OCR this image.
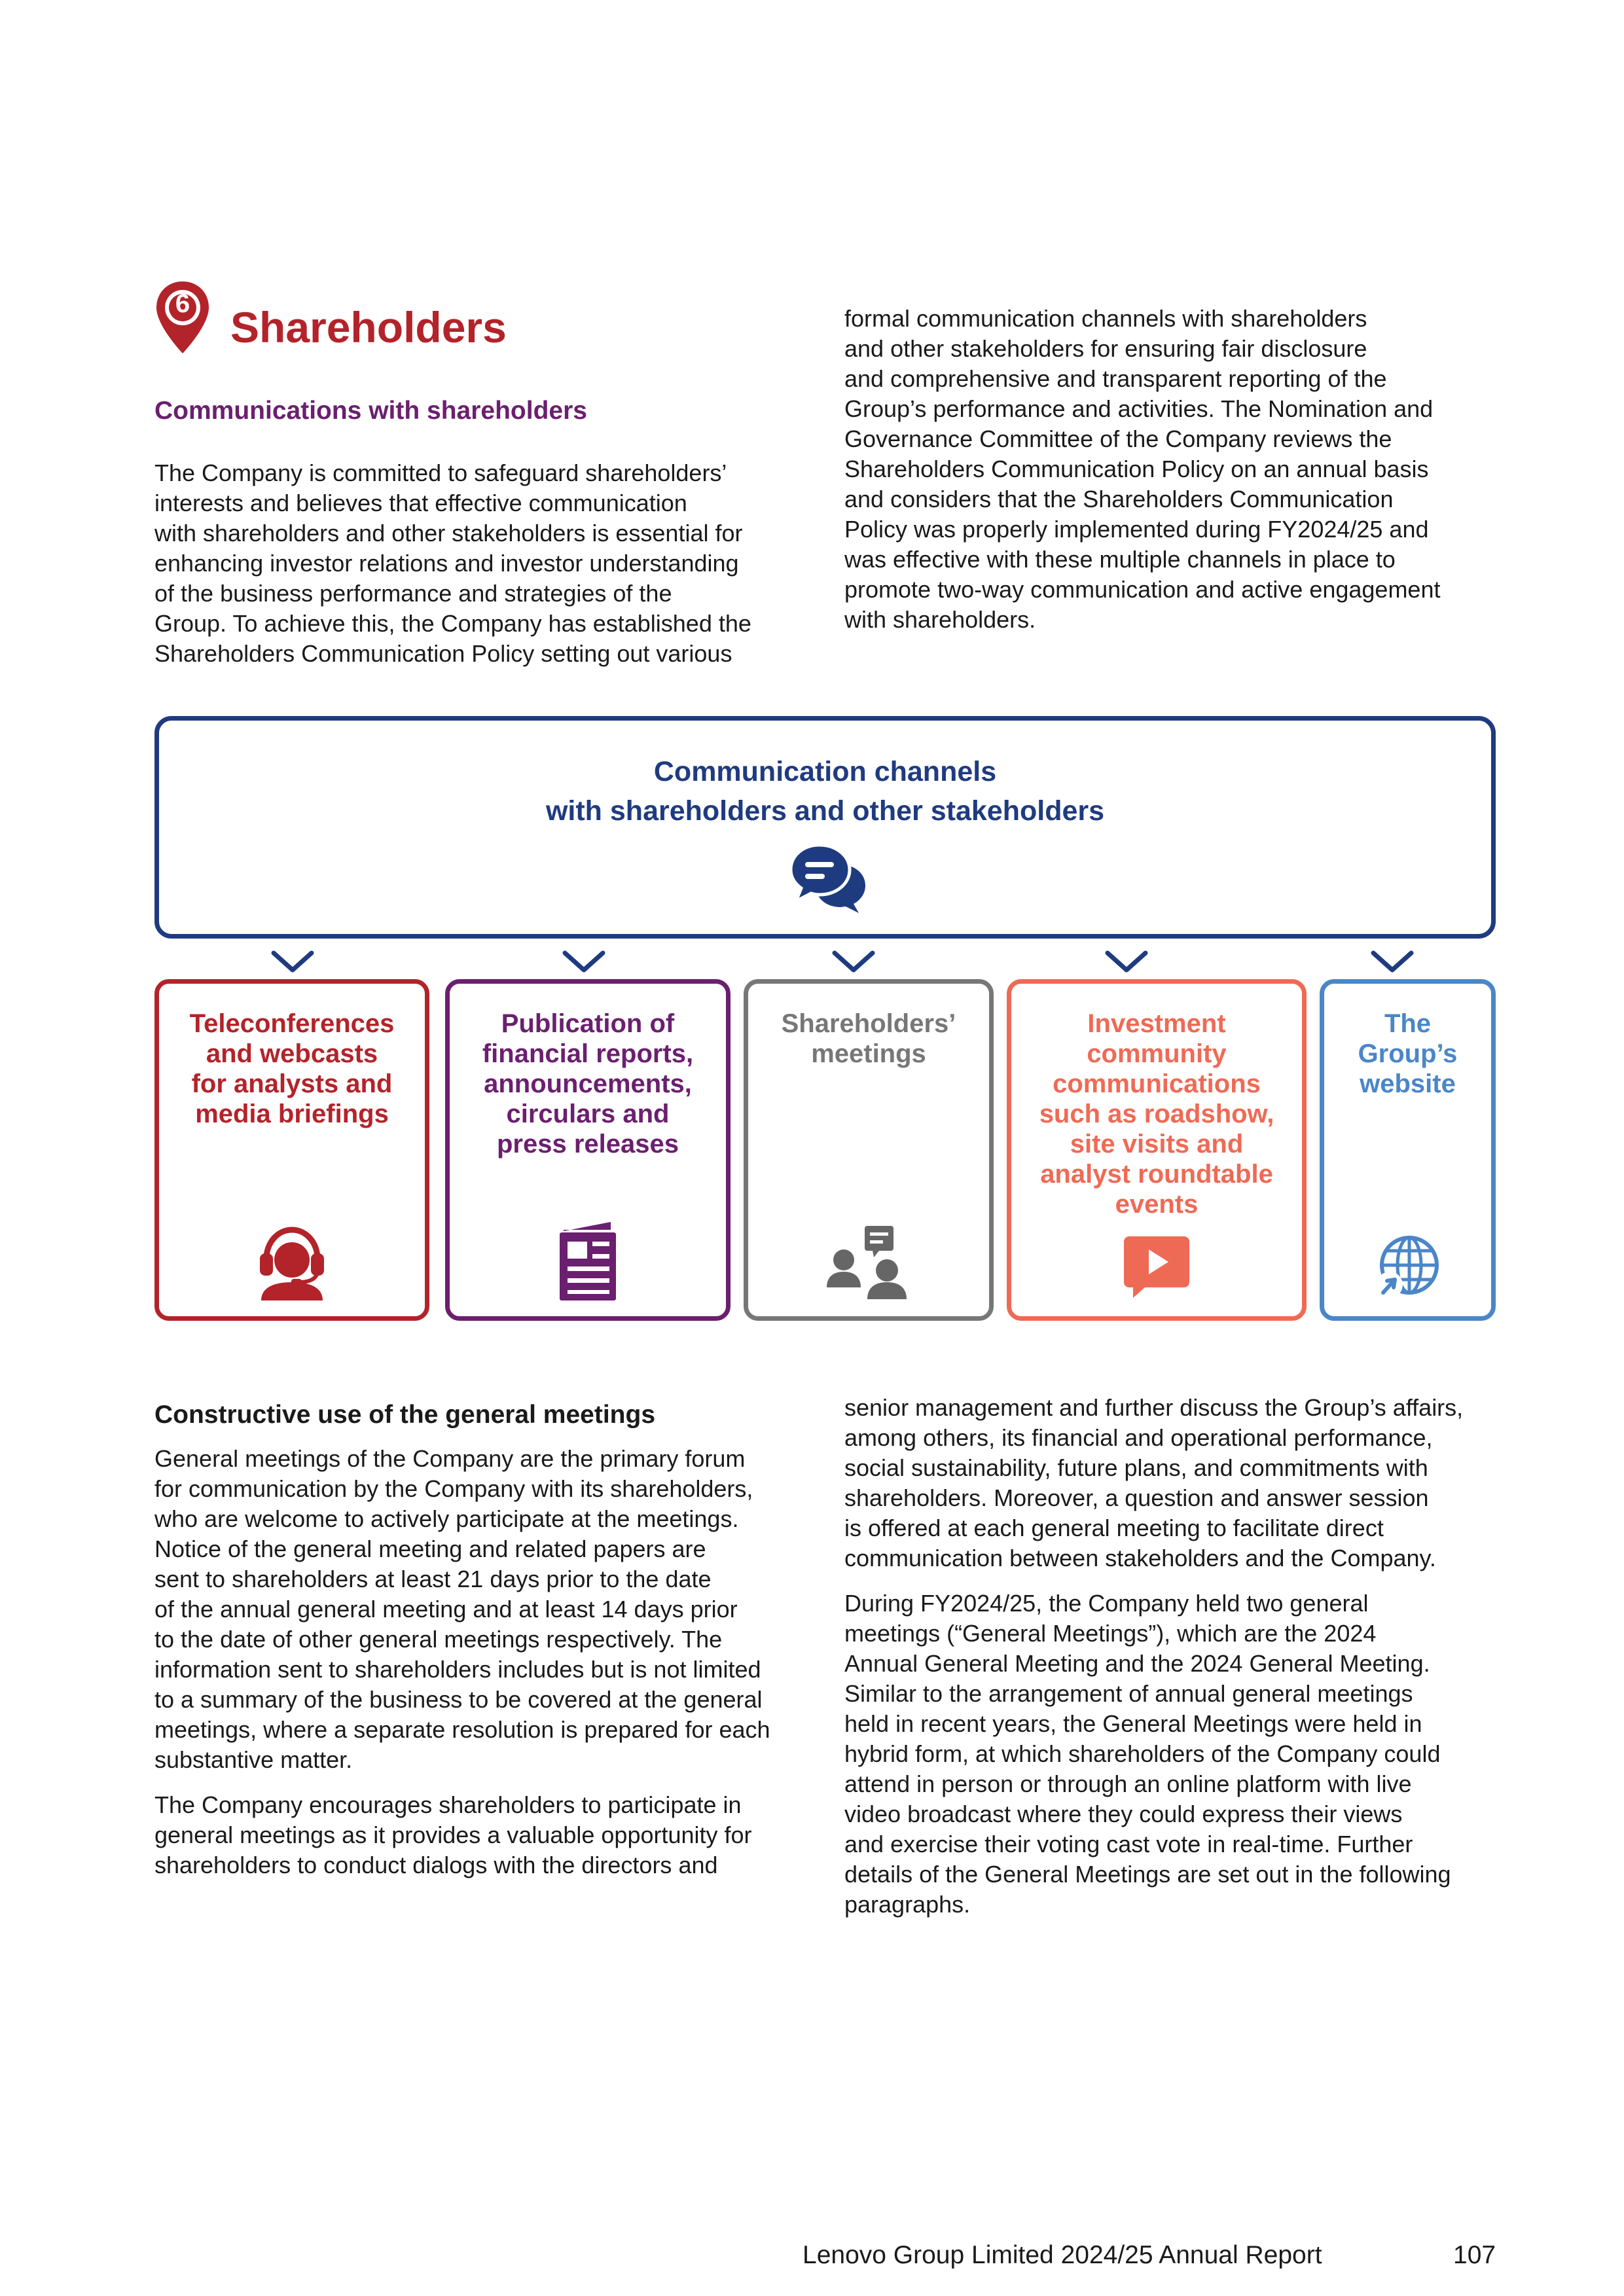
6 Shareholders
Communications with shareholders

The Company is committed to safeguard shareholders’
interests and believes that effective communication
with shareholders and other stakeholders is essential for
enhancing investor relations and investor understanding
of the business performance and strategies of the
Group. To achieve this, the Company has established the
Shareholders Communication Policy setting out various

formal communication channels with shareholders
and other stakeholders for ensuring fair disclosure
and comprehensive and transparent reporting of the
Group’s performance and activities. The Nomination and
Governance Committee of the Company reviews the
Shareholders Communication Policy on an annual basis
and considers that the Shareholders Communication
Policy was properly implemented during FY2024/25 and
was effective with these multiple channels in place to
promote two-way communication and active engagement
with shareholders.

Communication channels
with shareholders and other stakeholders
Teleconferences
and webcasts
for analysts and
media briefings
Publication of
financial reports,
announcements,
circulars and
press releases
Shareholders’
meetings
Investment
community
communications
such as roadshow,
site visits and
analyst roundtable
events
The
Group’s
website
Constructive use of the general meetings

General meetings of the Company are the primary forum
for communication by the Company with its shareholders,
who are welcome to actively participate at the meetings.
Notice of the general meeting and related papers are
sent to shareholders at least 21 days prior to the date
of the annual general meeting and at least 14 days prior
to the date of other general meetings respectively. The
information sent to shareholders includes but is not limited
to a summary of the business to be covered at the general
meetings, where a separate resolution is prepared for each
substantive matter.

The Company encourages shareholders to participate in
general meetings as it provides a valuable opportunity for
shareholders to conduct dialogs with the directors and

senior management and further discuss the Group’s affairs,
among others, its financial and operational performance,
social sustainability, future plans, and commitments with
shareholders. Moreover, a question and answer session
is offered at each general meeting to facilitate direct
communication between stakeholders and the Company.

During FY2024/25, the Company held two general
meetings (“General Meetings”), which are the 2024
Annual General Meeting and the 2024 General Meeting.
Similar to the arrangement of annual general meetings
held in recent years, the General Meetings were held in
hybrid form, at which shareholders of the Company could
attend in person or through an online platform with live
video broadcast where they could express their views
and exercise their voting cast vote in real-time. Further
details of the General Meetings are set out in the following
paragraphs.

Lenovo Group Limited 2024/25 Annual Report	107
